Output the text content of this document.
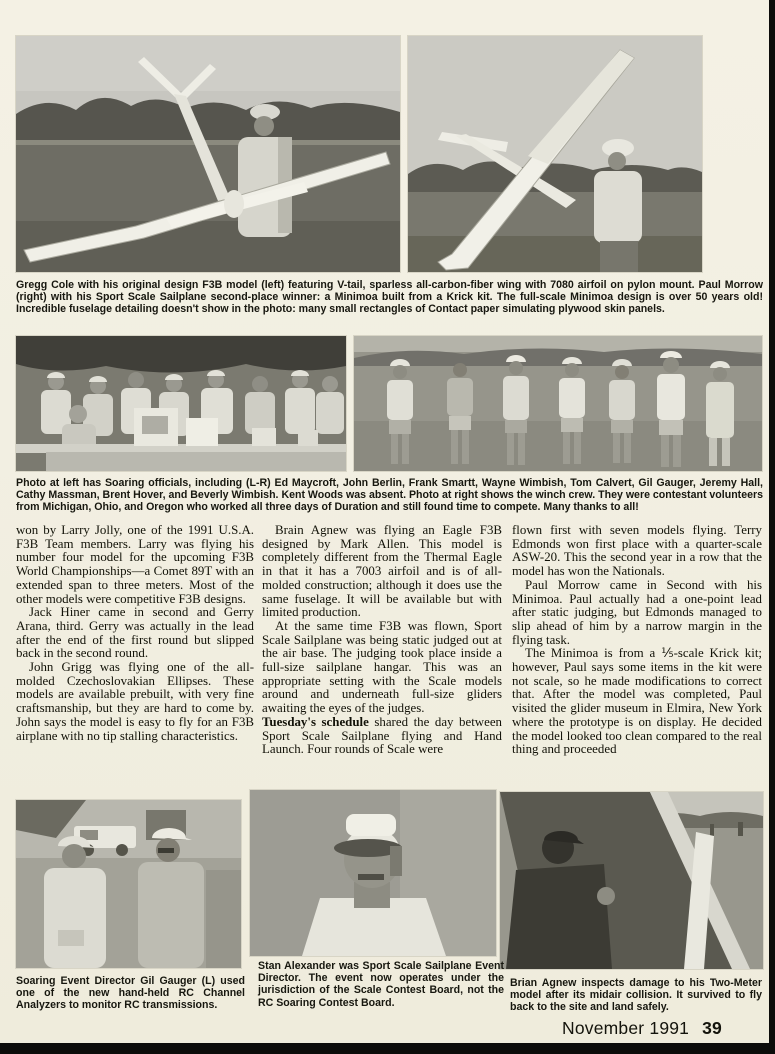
Gregg Cole with his original design F3B model (left) featuring V-tail, sparless all-carbon-fiber wing with 7080 airfoil on pylon mount. Paul Morrow (right) with his Sport Scale Sailplane second-place winner: a Minimoa built from a Krick kit. The full-scale Minimoa design is over 50 years old! Incredible fuselage detailing doesn't show in the photo: many small rectangles of Contact paper simulating plywood skin panels.
Photo at left has Soaring officials, including (L-R) Ed Maycroft, John Berlin, Frank Smartt, Wayne Wimbish, Tom Calvert, Gil Gauger, Jeremy Hall, Cathy Massman, Brent Hover, and Beverly Wimbish. Kent Woods was absent. Photo at right shows the winch crew. They were contestant volunteers from Michigan, Ohio, and Oregon who worked all three days of Duration and still found time to compete. Many thanks to all!

won by Larry Jolly, one of the 1991 U.S.A. F3B Team members. Larry was flying his number four model for the upcoming F3B World Championships—a Comet 89T with an extended span to three meters. Most of the other models were competitive F3B designs.

Jack Hiner came in second and Gerry Arana, third. Gerry was actually in the lead after the end of the first round but slipped back in the second round.

John Grigg was flying one of the all-molded Czechoslovakian Ellipses. These models are available prebuilt, with very fine craftsmanship, but they are hard to come by. John says the model is easy to fly for an F3B airplane with no tip stalling characteristics.

Brain Agnew was flying an Eagle F3B designed by Mark Allen. This model is completely different from the Thermal Eagle in that it has a 7003 airfoil and is of all-molded construction; although it does use the same fuselage. It will be available but with limited production.

At the same time F3B was flown, Sport Scale Sailplane was being static judged out at the air base. The judging took place inside a full-size sailplane hangar. This was an appropriate setting with the Scale models around and underneath full-size gliders awaiting the eyes of the judges.

Tuesday's schedule shared the day between Sport Scale Sailplane flying and Hand Launch. Four rounds of Scale were

flown first with seven models flying. Terry Edmonds won first place with a quarter-scale ASW-20. This the second year in a row that the model has won the Nationals.

Paul Morrow came in Second with his Minimoa. Paul actually had a one-point lead after static judging, but Edmonds managed to slip ahead of him by a narrow margin in the flying task.

The Minimoa is from a ⅕-scale Krick kit; however, Paul says some items in the kit were not scale, so he made modifications to correct that. After the model was completed, Paul visited the glider museum in Elmira, New York where the prototype is on display. He decided the model looked too clean compared to the real thing and proceeded

Soaring Event Director Gil Gauger (L) used one of the new hand-held RC Channel Analyzers to monitor RC transmissions.
Stan Alexander was Sport Scale Sailplane Event Director. The event now operates under the jurisdiction of the Scale Contest Board, not the RC Soaring Contest Board.
Brian Agnew inspects damage to his Two-Meter model after its midair collision. It survived to fly back to the site and land safely.
November 1991 39
